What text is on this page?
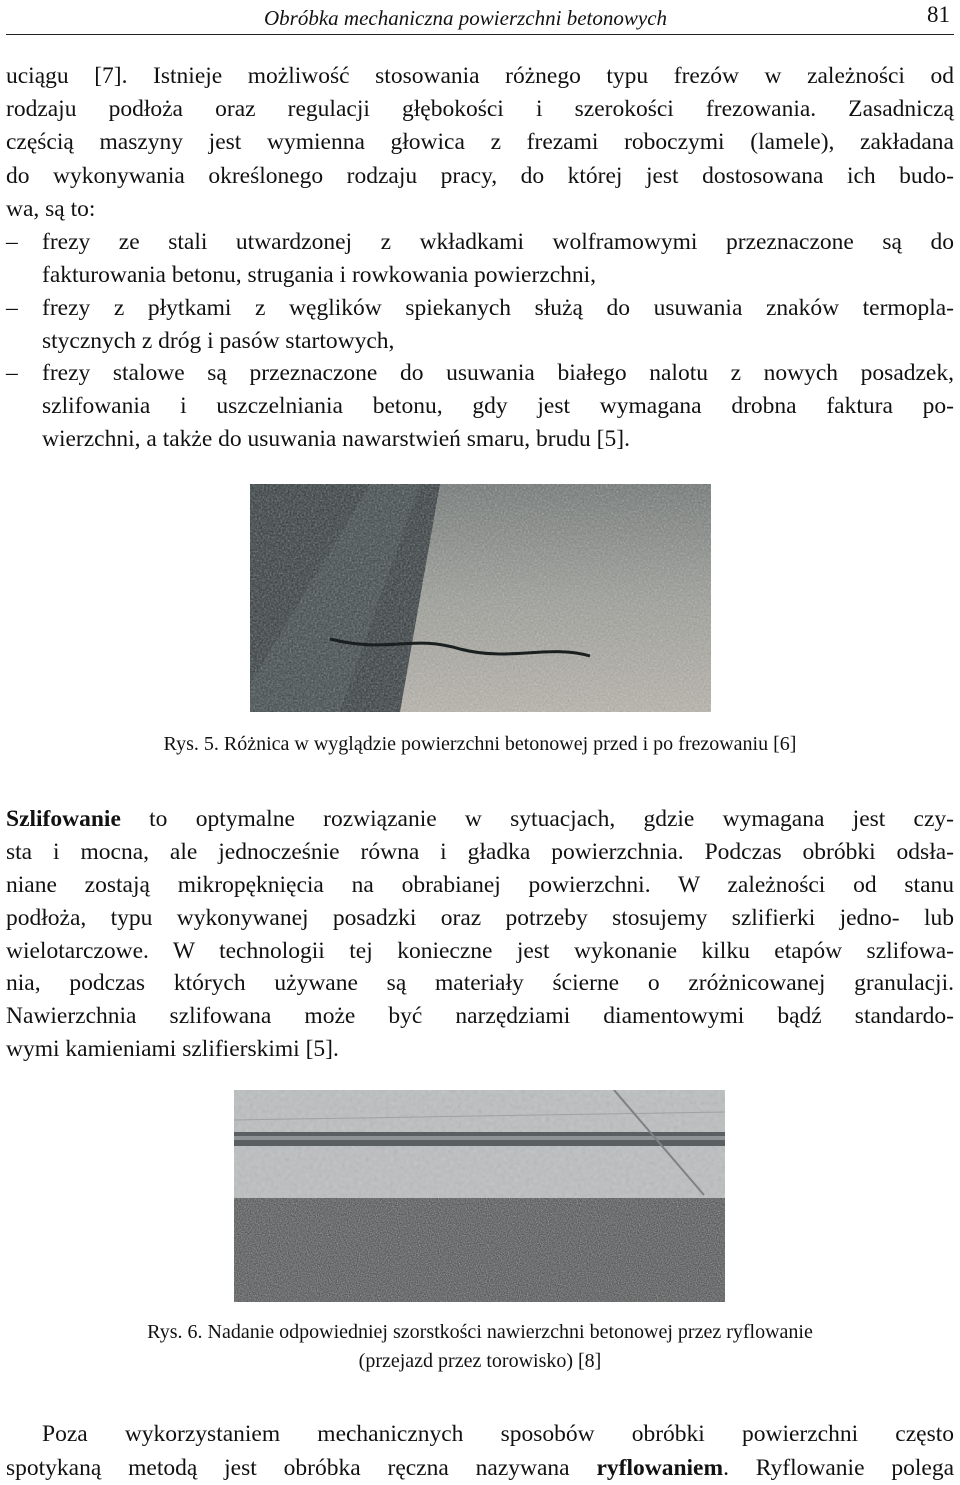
Obróbka mechaniczna powierzchni betonowych	81
uciągu [7]. Istnieje możliwość stosowania różnego typu frezów w zależności od
rodzaju podłoża oraz regulacji głębokości i szerokości frezowania. Zasadniczą
częścią maszyny jest wymienna głowica z frezami roboczymi (lamele), zakładana
do wykonywania określonego rodzaju pracy, do której jest dostosowana ich budo-
wa, są to:
–	frezy ze stali utwardzonej z wkładkami wolframowymi przeznaczone są do
fakturowania betonu, strugania i rowkowania powierzchni,
–	frezy z płytkami z węglików spiekanych służą do usuwania znaków termopla-
stycznych z dróg i pasów startowych,
–	frezy stalowe są przeznaczone do usuwania białego nalotu z nowych posadzek,
szlifowania i uszczelniania betonu, gdy jest wymagana drobna faktura po-
wierzchni, a także do usuwania nawarstwień smaru, brudu [5].
Rys. 5. Różnica w wyglądzie powierzchni betonowej przed i po frezowaniu [6]
Szlifowanie to optymalne rozwiązanie w sytuacjach, gdzie wymagana jest czy-
sta i mocna, ale jednocześnie równa i gładka powierzchnia. Podczas obróbki odsła-
niane zostają mikropęknięcia na obrabianej powierzchni. W zależności od stanu
podłoża, typu wykonywanej posadzki oraz potrzeby stosujemy szlifierki jedno- lub
wielotarczowe. W technologii tej konieczne jest wykonanie kilku etapów szlifowa-
nia, podczas których używane są materiały ścierne o zróżnicowanej granulacji.
Nawierzchnia szlifowana może być narzędziami diamentowymi bądź standardo-
wymi kamieniami szlifierskimi [5].
Rys. 6. Nadanie odpowiedniej szorstkości nawierzchni betonowej przez ryflowanie
(przejazd przez torowisko) [8]
Poza wykorzystaniem mechanicznych sposobów obróbki powierzchni często
spotykaną metodą jest obróbka ręczna nazywana ryflowaniem. Ryflowanie polega
